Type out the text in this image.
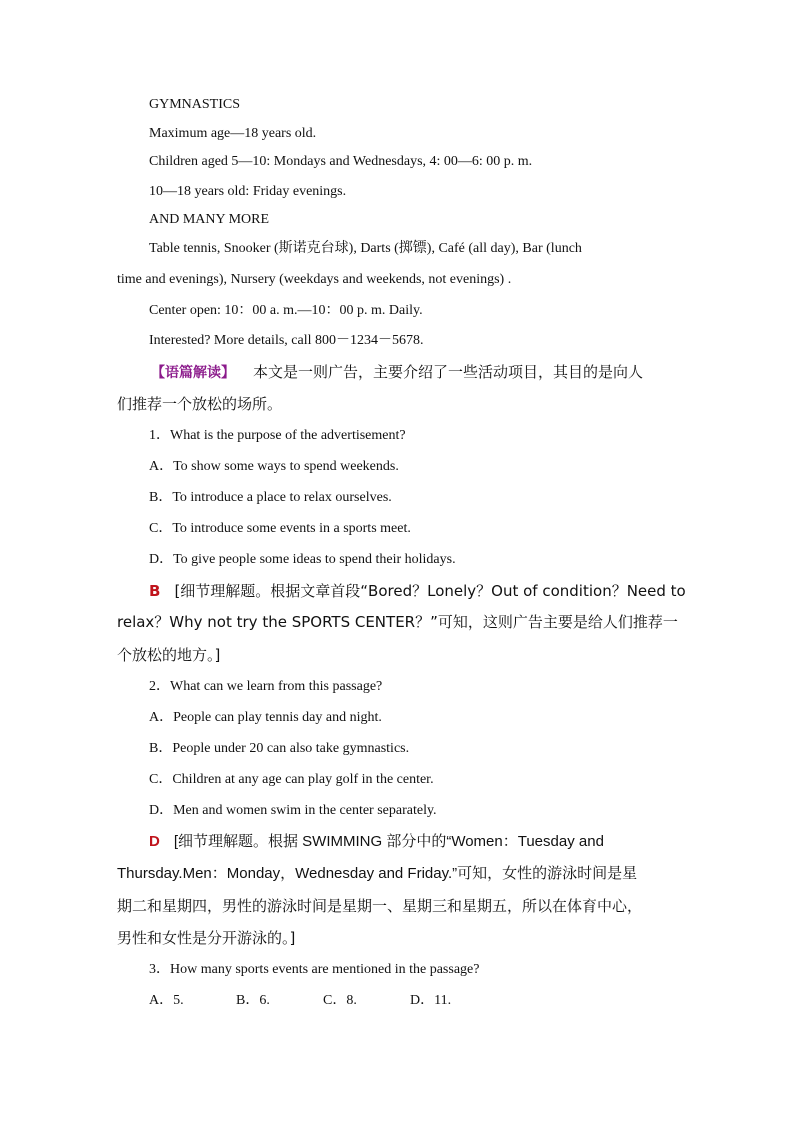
GYMNASTICS
Maximum age—18 years old.
Children aged 5—10: Mondays and Wednesdays, 4: 00—6: 00 p. m.
10—18 years old: Friday evenings.
AND MANY MORE
Table tennis, Snooker (斯诺克台球), Darts (掷镖), Café (all day), Bar (lunch
time and evenings), Nursery (weekdays and weekends, not evenings) .
Center open: 10：00 a. m.—10：00 p. m. Daily.
Interested? More details, call 800－1234－5678.
【语篇解读】 本文是一则广告，主要介绍了一些活动项目，其目的是向人
们推荐一个放松的场所。
1．What is the purpose of the advertisement?
A．To show some ways to spend weekends.
B．To introduce a place to relax ourselves.
C．To introduce some events in a sports meet.
D．To give people some ideas to spend their holidays.
B [细节理解题。根据文章首段“Bored？Lonely？Out of condition？Need to
relax？Why not try the SPORTS CENTER？”可知，这则广告主要是给人们推荐一
个放松的地方。]
2．What can we learn from this passage?
A．People can play tennis day and night.
B．People under 20 can also take gymnastics.
C．Children at any age can play golf in the center.
D．Men and women swim in the center separately.
D [细节理解题。根据 SWIMMING 部分中的“Women：Tuesday and
Thursday.Men：Monday，Wednesday and Friday.”可知，女性的游泳时间是星
期二和星期四，男性的游泳时间是星期一、星期三和星期五，所以在体育中心，
男性和女性是分开游泳的。]
3．How many sports events are mentioned in the passage?
A．5.	B．6.	C．8.	D．11.
